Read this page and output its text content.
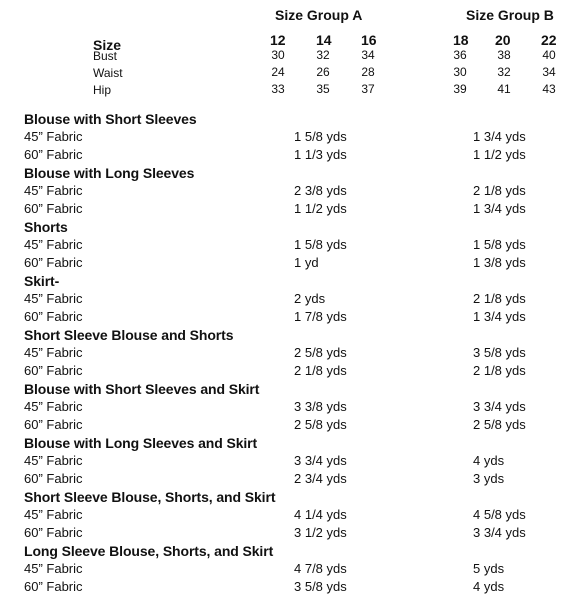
Size Group A	Size Group B
Size	12 14 16	18 20 22
Bust	30	32	34	36	38	40
Waist	24	26	28	30	32	34
Hip	33	35	37	39	41	43
Blouse with Short Sleeves
45” Fabric	1 5/8 yds	1 3/4 yds
60” Fabric	1 1/3 yds	1 1/2 yds
Blouse with Long Sleeves
45” Fabric	2 3/8 yds	2 1/8 yds
60” Fabric	1 1/2 yds	1 3/4 yds
Shorts
45” Fabric	1 5/8 yds	1 5/8 yds
60” Fabric	1 yd	1 3/8 yds
Skirt-
45” Fabric	2 yds	2 1/8 yds
60” Fabric	1 7/8 yds	1 3/4 yds
Short Sleeve Blouse and Shorts
45” Fabric	2 5/8 yds	3 5/8 yds
60” Fabric	2 1/8 yds	2 1/8 yds
Blouse with Short Sleeves and Skirt
45” Fabric	3 3/8 yds	3 3/4 yds
60” Fabric	2 5/8 yds	2 5/8 yds
Blouse with Long Sleeves and Skirt
45” Fabric	3 3/4 yds	4 yds
60” Fabric	2 3/4 yds	3 yds
Short Sleeve Blouse, Shorts, and Skirt
45” Fabric	4 1/4 yds	4 5/8 yds
60” Fabric	3 1/2 yds	3 3/4 yds
Long Sleeve Blouse, Shorts, and Skirt
45” Fabric	4 7/8 yds	5 yds
60” Fabric	3 5/8 yds	4 yds
